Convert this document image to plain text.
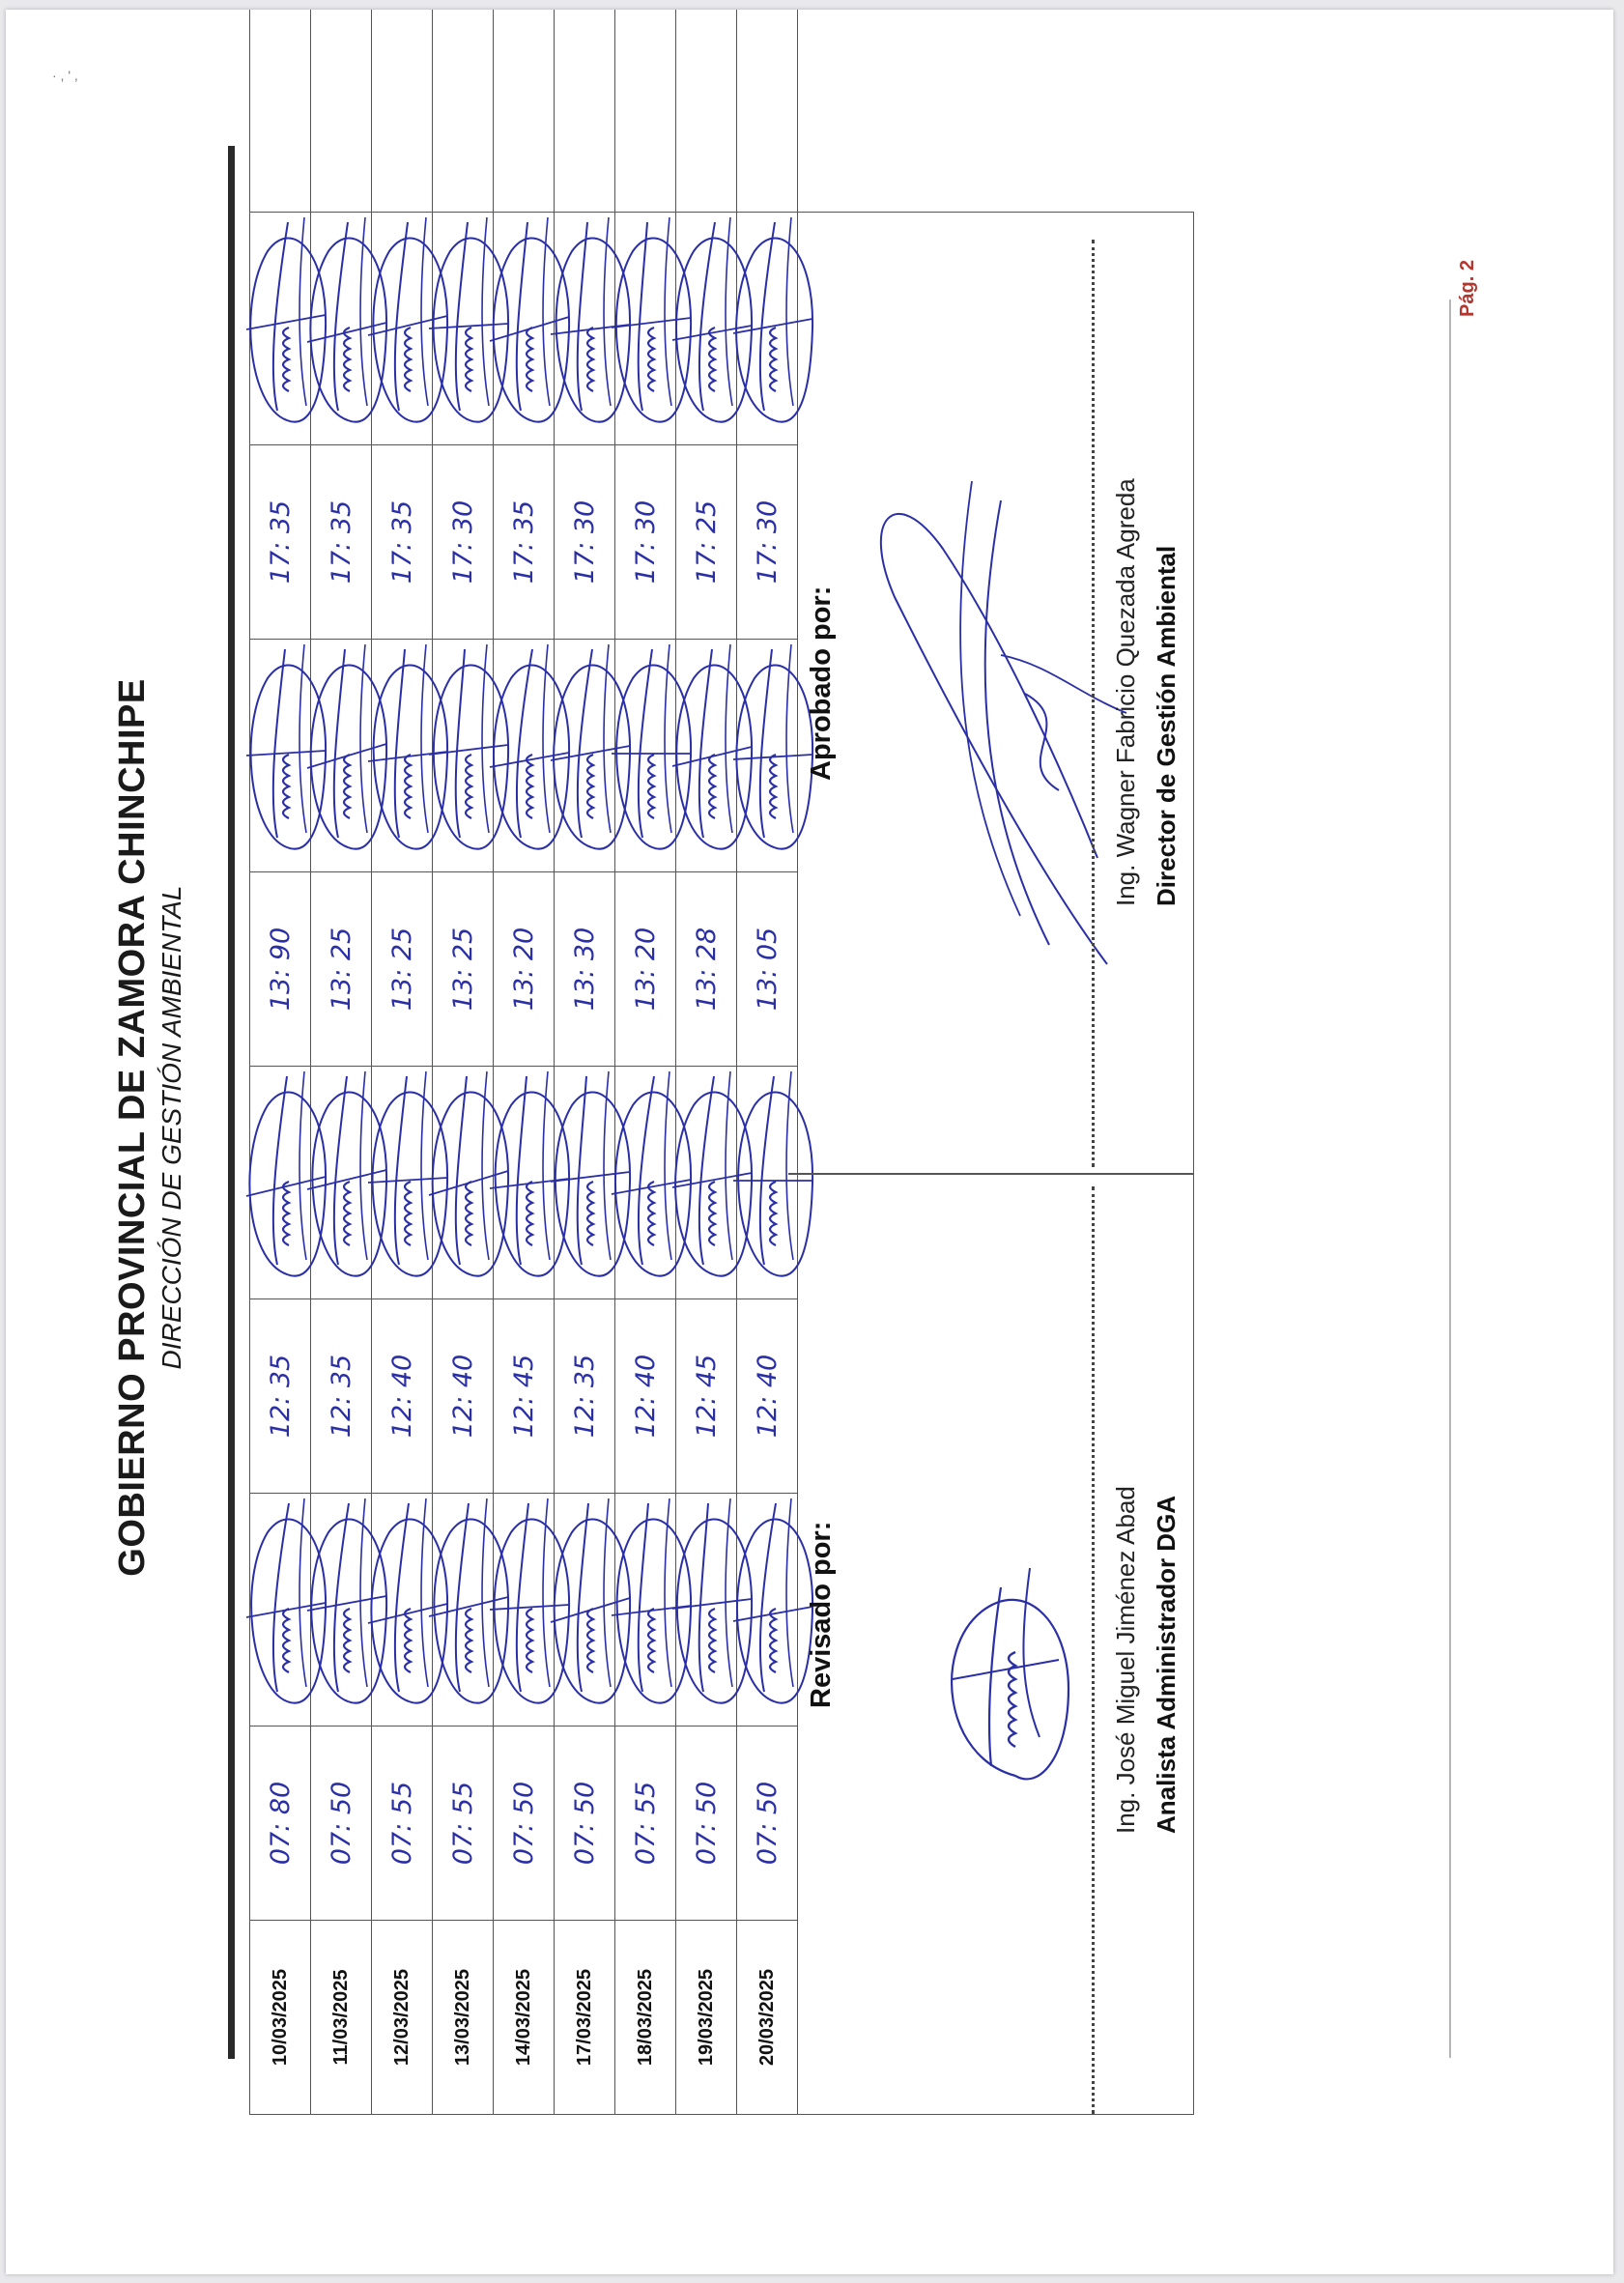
· , ' ,
GOBIERNO PROVINCIAL DE ZAMORA CHINCHIPE DIRECCIÓN DE GESTIÓN AMBIENTAL
10/03/2025	07: 80		12: 35		13: 90		17: 35	

11/03/2025	07: 50		12: 35		13: 25		17: 35	

12/03/2025	07: 55		12: 40		13: 25		17: 35	

13/03/2025	07: 55		12: 40		13: 25		17: 30	

14/03/2025	07: 50		12: 45		13: 20		17: 35	

17/03/2025	07: 50		12: 35		13: 30		17: 30	

18/03/2025	07: 55		12: 40		13: 20		17: 30	

19/03/2025	07: 50		12: 45		13: 28		17: 25	

20/03/2025	07: 50		12: 40		13: 05		17: 30	

Revisado por:	Ing. José Miguel Jiménez Abad Analista Administrador DGA
Aprobado por:	Ing. Wagner Fabricio Quezada Agreda Director de Gestión Ambiental
Pág. 2
